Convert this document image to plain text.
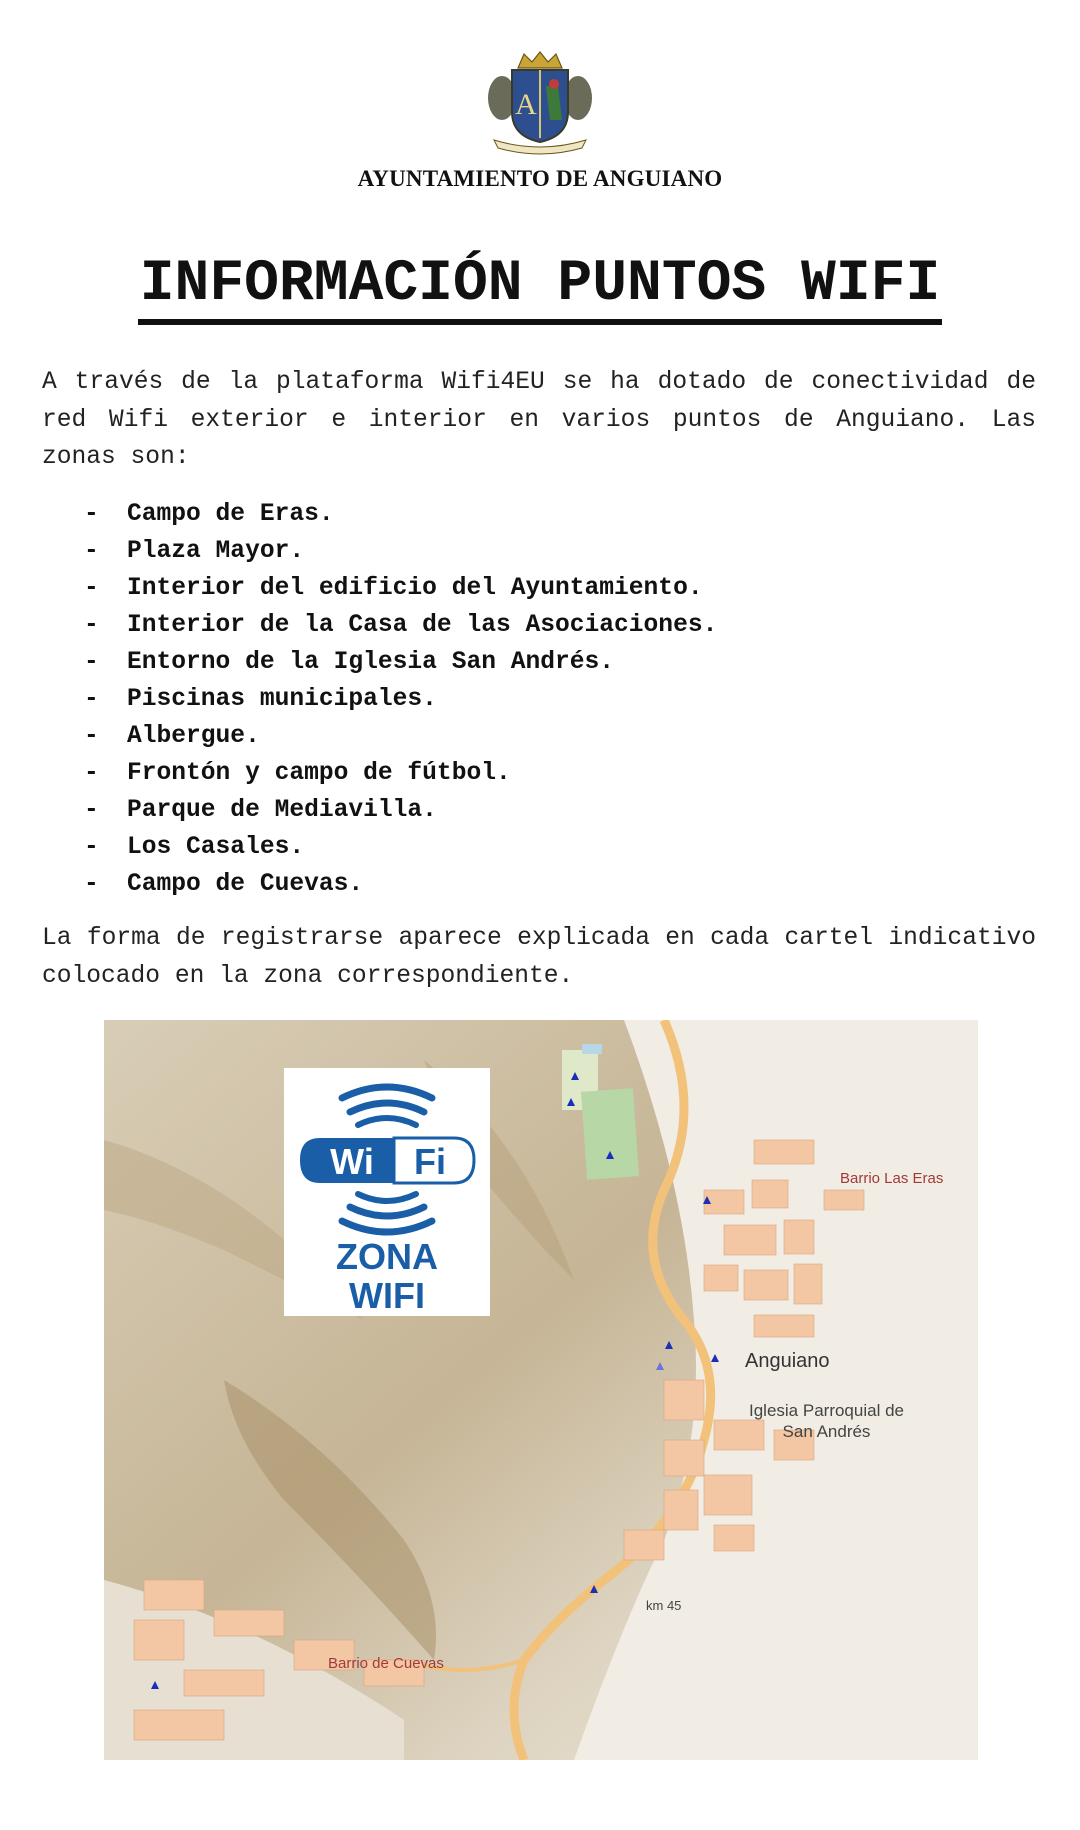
A
AYUNTAMIENTO DE ANGUIANO
INFORMACIÓN PUNTOS WIFI

A través de la plataforma Wifi4EU se ha dotado de conectividad de red Wifi exterior e interior en varios puntos de Anguiano. Las zonas son:

-	Campo de Eras.
-	Plaza Mayor.
-	Interior del edificio del Ayuntamiento.
-	Interior de la Casa de las Asociaciones.
-	Entorno de la Iglesia San Andrés.
-	Piscinas municipales.
-	Albergue.
-	Frontón y campo de fútbol.
-	Parque de Mediavilla.
-	Los Casales.
-	Campo de Cuevas.

La forma de registrarse aparece explicada en cada cartel indicativo colocado en la zona correspondiente.

Wi Fi
ZONA
WIFI
Barrio Las Eras
Anguiano
Iglesia Parroquial de
San Andrés
km 45
Barrio de Cuevas
